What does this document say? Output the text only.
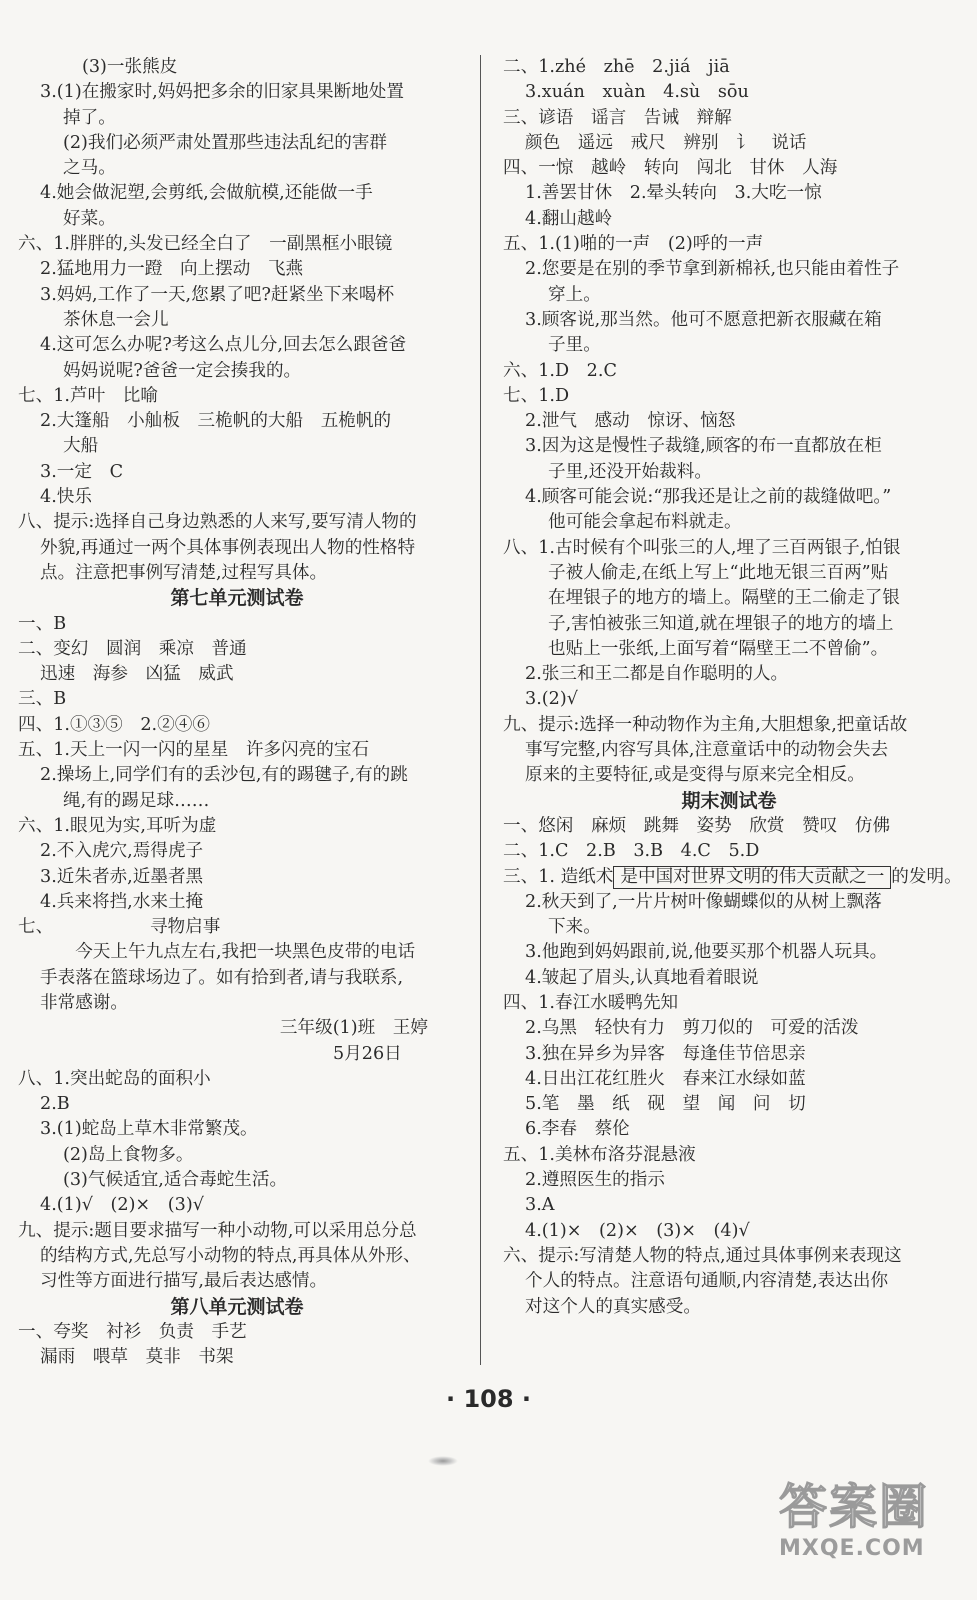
(3)一张熊皮
3.(1)在搬家时,妈妈把多余的旧家具果断地处置
掉了。
(2)我们必须严肃处置那些违法乱纪的害群
之马。
4.她会做泥塑,会剪纸,会做航模,还能做一手
好菜。
六、1.胖胖的,头发已经全白了　一副黑框小眼镜
2.猛地用力一蹬　向上摆动　飞燕
3.妈妈,工作了一天,您累了吧?赶紧坐下来喝杯
茶休息一会儿
4.这可怎么办呢?考这么点儿分,回去怎么跟爸爸
妈妈说呢?爸爸一定会揍我的。
七、1.芦叶　比喻
2.大篷船　小舢板　三桅帆的大船　五桅帆的
大船
3.一定　C
4.快乐
八、提示:选择自己身边熟悉的人来写,要写清人物的
外貌,再通过一两个具体事例表现出人物的性格特
点。注意把事例写清楚,过程写具体。
第七单元测试卷
一、B
二、变幻　圆润　乘凉　普通
迅速　海参　凶猛　威武
三、B
四、1.①③⑤　2.②④⑥
五、1.天上一闪一闪的星星　许多闪亮的宝石
2.操场上,同学们有的丢沙包,有的踢毽子,有的跳
绳,有的踢足球……
六、1.眼见为实,耳听为虚
2.不入虎穴,焉得虎子
3.近朱者赤,近墨者黑
4.兵来将挡,水来土掩
七、　　　　　　寻物启事
　　今天上午九点左右,我把一块黑色皮带的电话
手表落在篮球场边了。如有拾到者,请与我联系,
非常感谢。
三年级(1)班　王婷
5月26日
八、1.突出蛇岛的面积小
2.B
3.(1)蛇岛上草木非常繁茂。
(2)岛上食物多。
(3)气候适宜,适合毒蛇生活。
4.(1)√　(2)×　(3)√
九、提示:题目要求描写一种小动物,可以采用总分总
的结构方式,先总写小动物的特点,再具体从外形、
习性等方面进行描写,最后表达感情。
第八单元测试卷
一、夸奖　衬衫　负责　手艺
漏雨　喂草　莫非　书架
二、1.zhé　zhē　2.jiá　jiā
3.xuán　xuàn　4.sù　sōu
三、谚语　谣言　告诫　辩解
颜色　遥远　戒尺　辨别　讠　说话
四、一惊　越岭　转向　闯北　甘休　人海
1.善罢甘休　2.晕头转向　3.大吃一惊
4.翻山越岭
五、1.(1)啪的一声　(2)呼的一声
2.您要是在别的季节拿到新棉袄,也只能由着性子
穿上。
3.顾客说,那当然。他可不愿意把新衣服藏在箱
子里。
六、1.D　2.C
七、1.D
2.泄气　感动　惊讶、恼怒
3.因为这是慢性子裁缝,顾客的布一直都放在柜
子里,还没开始裁料。
4.顾客可能会说:“那我还是让之前的裁缝做吧。”
他可能会拿起布料就走。
八、1.古时候有个叫张三的人,埋了三百两银子,怕银
子被人偷走,在纸上写上“此地无银三百两”贴
在埋银子的地方的墙上。隔壁的王二偷走了银
子,害怕被张三知道,就在埋银子的地方的墙上
也贴上一张纸,上面写着“隔壁王二不曾偷”。
2.张三和王二都是自作聪明的人。
3.(2)√
九、提示:选择一种动物作为主角,大胆想象,把童话故
事写完整,内容写具体,注意童话中的动物会失去
原来的主要特征,或是变得与原来完全相反。
期末测试卷
一、悠闲　麻烦　跳舞　姿势　欣赏　赞叹　仿佛
二、1.C　2.B　3.B　4.C　5.D
三、1. 造纸术 是中国对世界文明的伟大贡献之一 的发明。
2.秋天到了,一片片树叶像蝴蝶似的从树上飘落
下来。
3.他跑到妈妈跟前,说,他要买那个机器人玩具。
4.皱起了眉头,认真地看着眼说
四、1.春江水暖鸭先知
2.乌黑　轻快有力　剪刀似的　可爱的活泼
3.独在异乡为异客　每逢佳节倍思亲
4.日出江花红胜火　春来江水绿如蓝
5.笔　墨　纸　砚　望　闻　问　切
6.李春　蔡伦
五、1.美林布洛芬混悬液
2.遵照医生的指示
3.A
4.(1)×　(2)×　(3)×　(4)√
六、提示:写清楚人物的特点,通过具体事例来表现这
个人的特点。注意语句通顺,内容清楚,表达出你
对这个人的真实感受。
· 108 ·
答案圈
MXQE.COM
